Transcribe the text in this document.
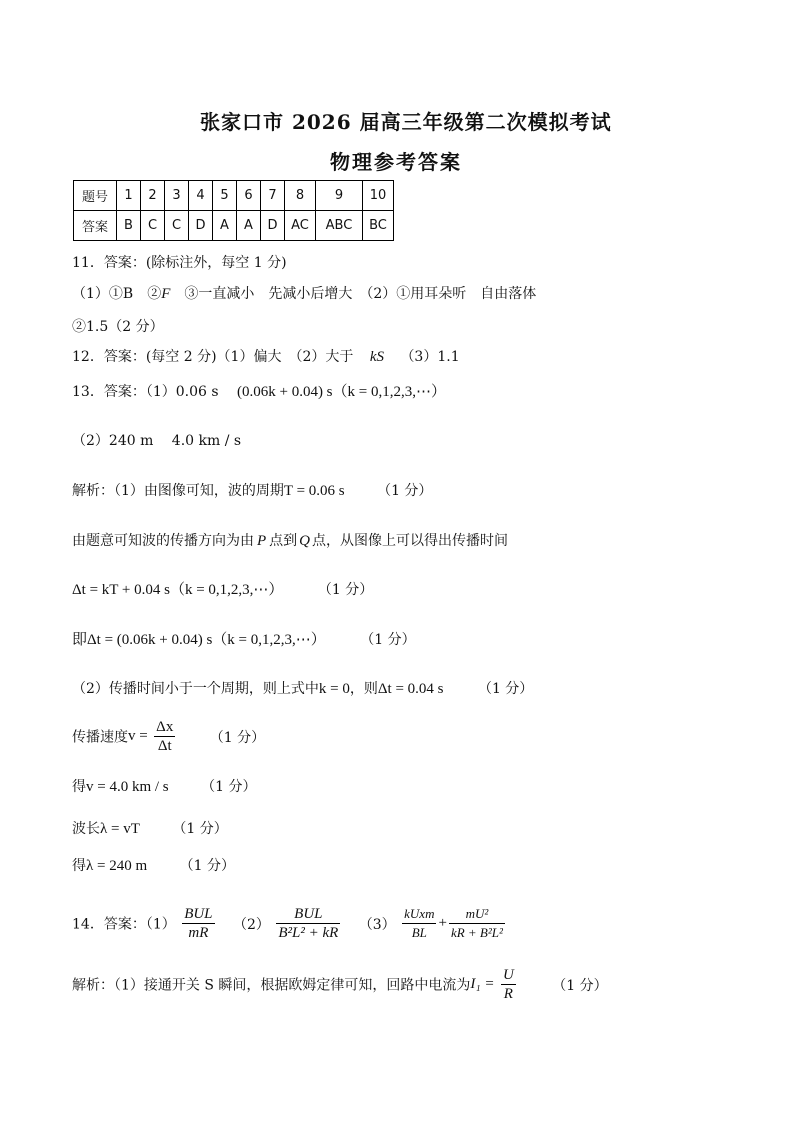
张家口市 2026 届高三年级第二次模拟考试
物理参考答案
题号	1	2	3	4	5	6	7	8	9	10
答案	B	C	C	D	A	A	D	AC	ABC	BC
11．答案：(除标注外，每空 1 分)
（1）①B　②F　③一直减小　先减小后增大　（2）①用耳朵听　自由落体
②1.5（2 分）
12．答案：(每空 2 分)（1）偏大　（2）大于 kS （3）1.1
13．答案：（1）0.06 s (0.06k + 0.04) s（k = 0,1,2,3,⋯）
（2）240 m　 4.0 km / s
解析：（1）由图像可知，波的周期T = 0.06 s （1 分）
由题意可知波的传播方向为由 P 点到 Q 点，从图像上可以得出传播时间
Δt = kT + 0.04 s（k = 0,1,2,3,⋯） （1 分）
即Δt = (0.06k + 0.04) s（k = 0,1,2,3,⋯） （1 分）
（2）传播时间小于一个周期，则上式中k = 0，则Δt = 0.04 s （1 分）
传播速度$v = \frac{\Delta x}{\Delta t} (1$ 分）
得v = 4.0 km / s （1 分）
波长λ = vT （1 分）
得λ = 240 m （1 分）
14．答案：$(1) \frac{\text{BUL}}{mR} (2) \frac{\text{BUL}}{\text{B²L² + kR}} (3) \frac{\text{kUxm}}{BL} + \frac{\text{mU²}}{\text{kR + B²L²}}$
解析：（1）接通开关 S 瞬间，根据欧姆定律可知，回路中电流为$I_1 = \frac{U}{R}$	（1 分）
